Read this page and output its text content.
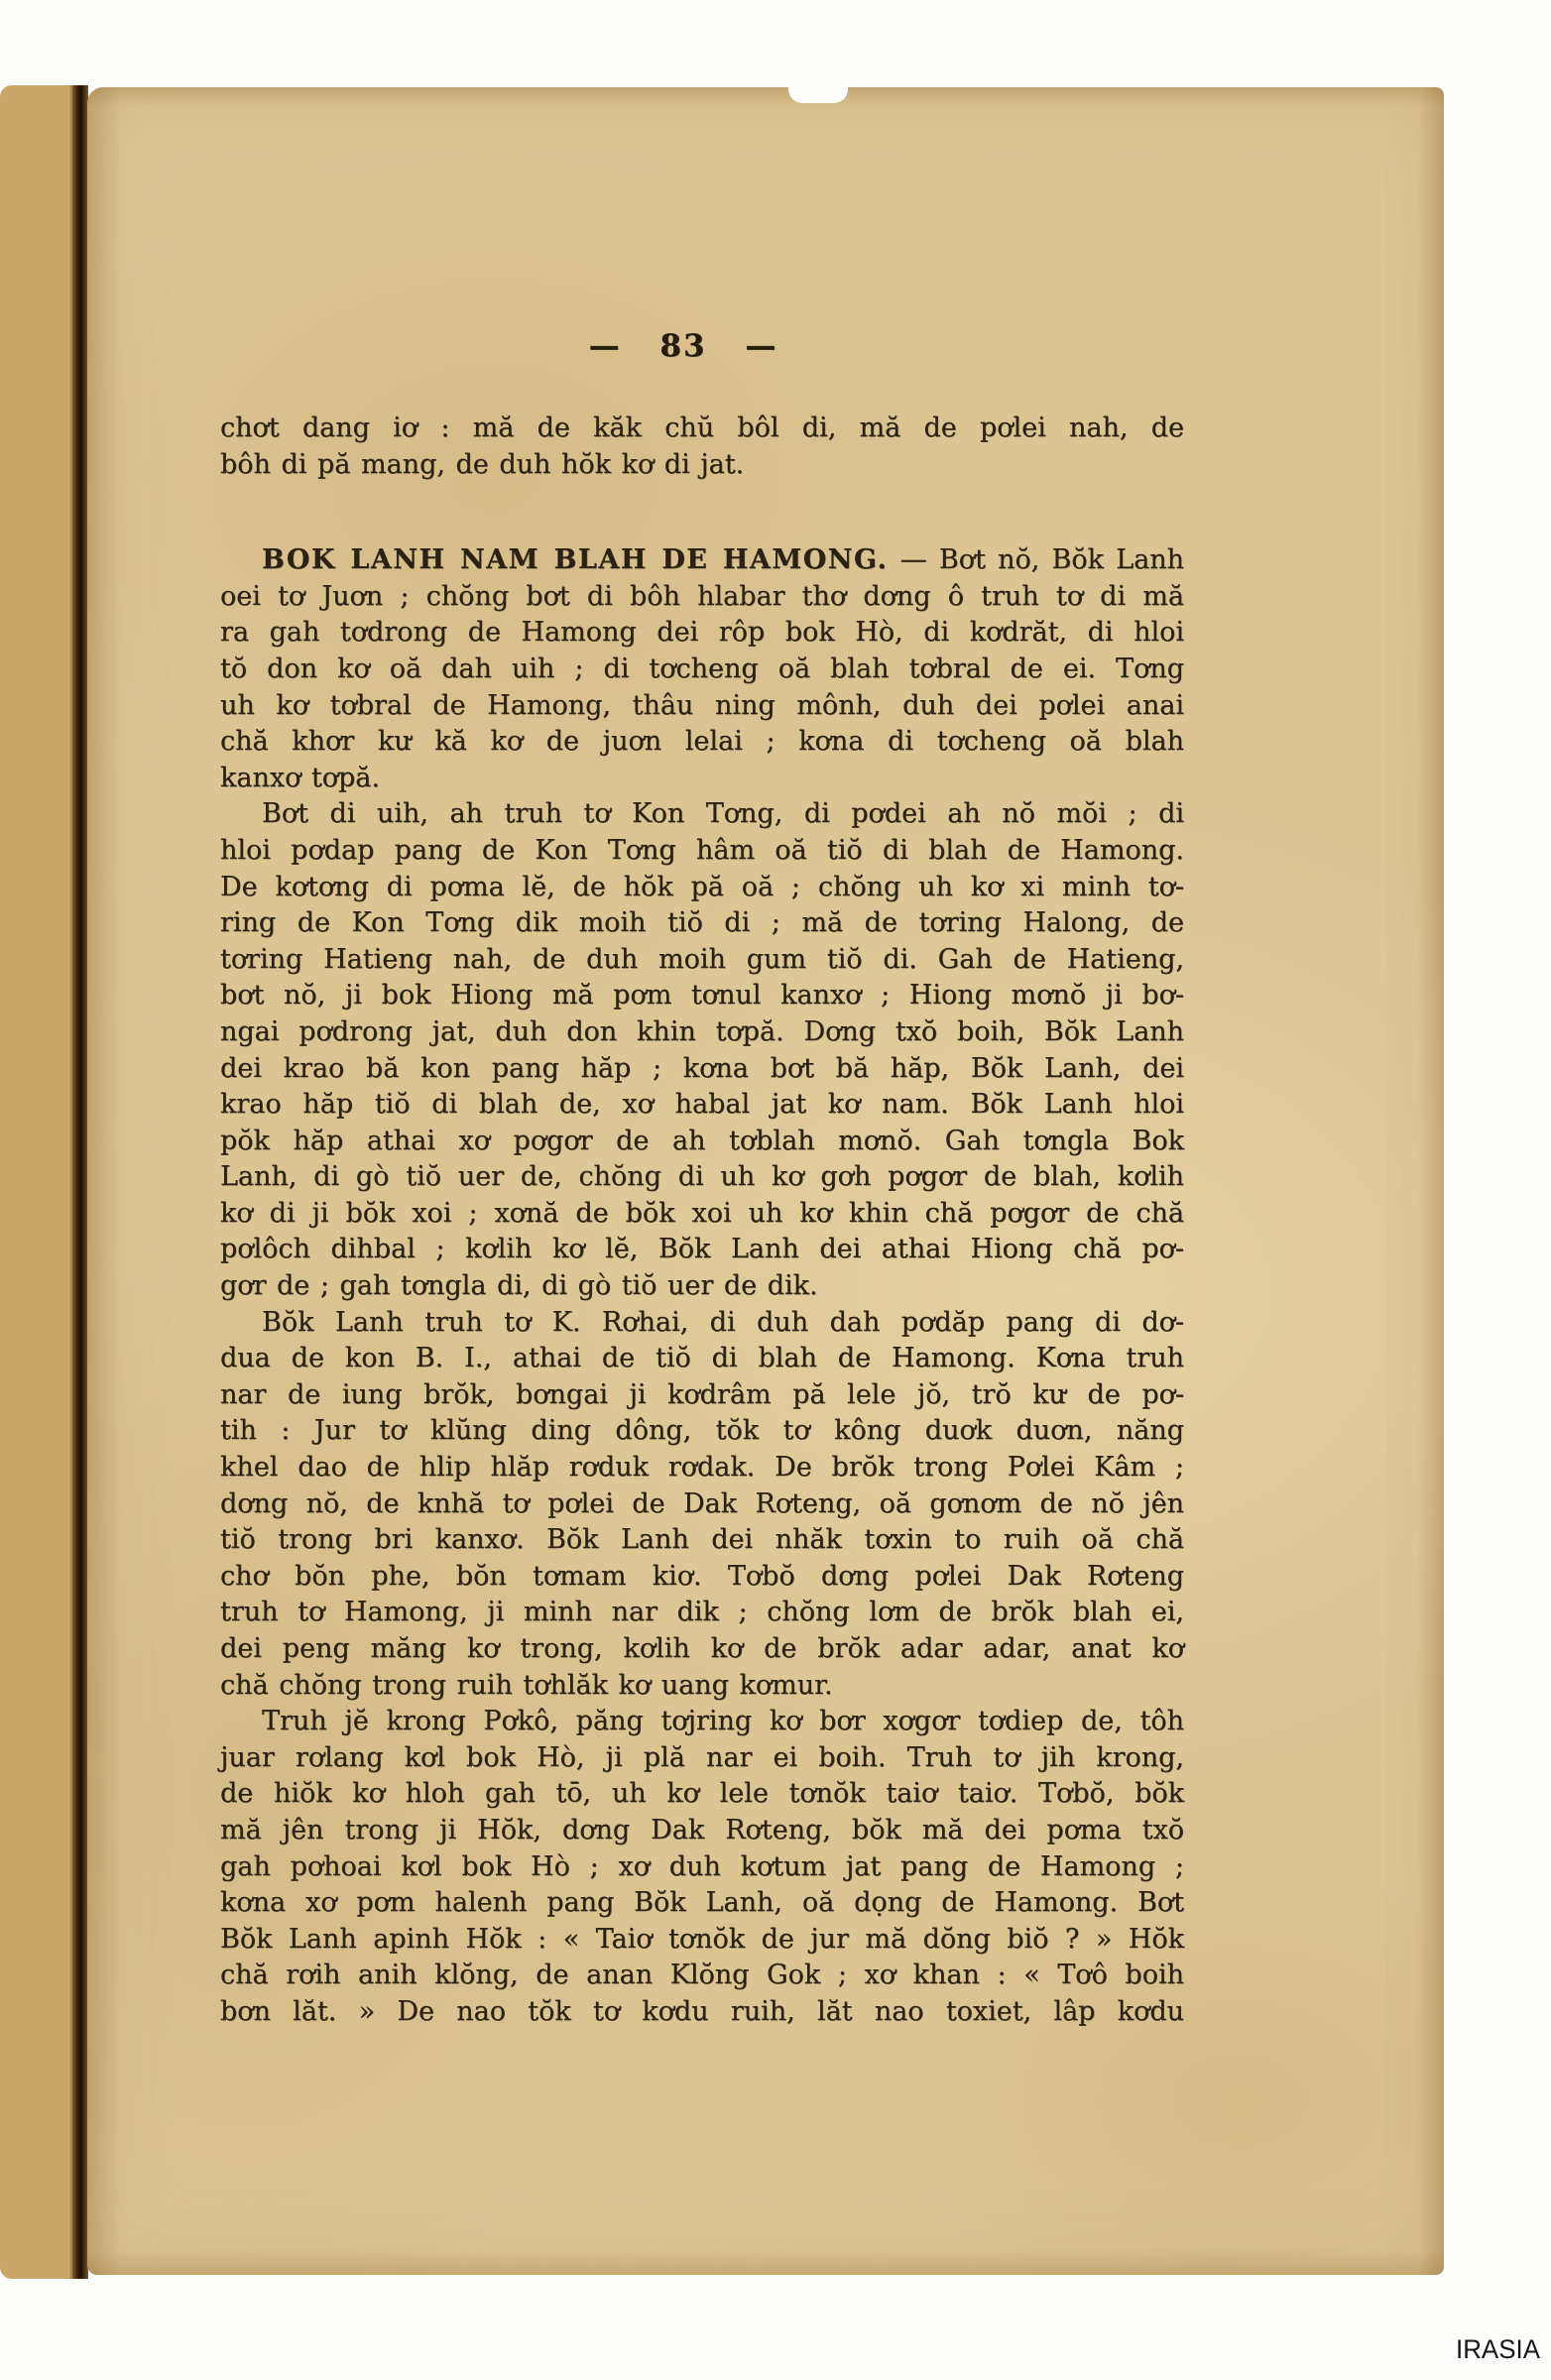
— 83 —
chơt dang iơ : mă de kăk chŭ bôl di, mă de pơlei nah, de
bôh di pă mang, de duh hŏk kơ di jat.
BOK LANH NAM BLAH DE HAMONG. — Bơt nŏ, Bŏk Lanh
oei tơ Juơn ; chŏng bơt di bôh hlabar thơ dơng ô truh tơ di mă
ra gah tơdrong de Hamong dei rôp bok Hò, di kơdrăt, di hloi
tŏ don kơ oă dah uih ; di tơcheng oă blah tơbral de ei. Tơng
uh kơ tơbral de Hamong, thâu ning mônh, duh dei pơlei anai
chă khơr kư kă kơ de juơn lelai ; kơna di tơcheng oă blah
kanxơ tơpă.
Bơt di uih, ah truh tơ Kon Tơng, di pơdei ah nŏ mŏi ; di
hloi pơdap pang de Kon Tơng hâm oă tiŏ di blah de Hamong.
De kơtơng di pơma lĕ, de hŏk pă oă ; chŏng uh kơ xi minh tơ-
ring de Kon Tơng dik moih tiŏ di ; mă de tơring Halong, de
tơring Hatieng nah, de duh moih gum tiŏ di. Gah de Hatieng,
bơt nŏ, ji bok Hiong mă pơm tơnul kanxơ ; Hiong mơnŏ ji bơ-
ngai pơdrong jat, duh don khin tơpă. Dơng txŏ boih, Bŏk Lanh
dei krao bă kon pang hăp ; kơna bơt bă hăp, Bŏk Lanh, dei
krao hăp tiŏ di blah de, xơ habal jat kơ nam. Bŏk Lanh hloi
pŏk hăp athai xơ pơgơr de ah tơblah mơnŏ. Gah tơngla Bok
Lanh, di gò tiŏ uer de, chŏng di uh kơ gơh pơgơr de blah, kơlih
kơ di ji bŏk xoi ; xơnă de bŏk xoi uh kơ khin chă pơgơr de chă
pơlôch dihbal ; kơlih kơ lĕ, Bŏk Lanh dei athai Hiong chă pơ-
gơr de ; gah tơngla di, di gò tiŏ uer de dik.
Bŏk Lanh truh tơ K. Rơhai, di duh dah pơdăp pang di dơ-
dua de kon B. I., athai de tiŏ di blah de Hamong. Kơna truh
nar de iung brŏk, bơngai ji kơdrâm pă lele jŏ, trŏ kư de pơ-
tih : Jur tơ klŭng ding dông, tŏk tơ kông duơk duơn, năng
khel dao de hlip hlăp rơduk rơdak. De brŏk trong Pơlei Kâm ;
dơng nŏ, de knhă tơ pơlei de Dak Rơteng, oă gơnơm de nŏ jên
tiŏ trong bri kanxơ. Bŏk Lanh dei nhăk tơxin to ruih oă chă
chơ bŏn phe, bŏn tơmam kiơ. Tơbŏ dơng pơlei Dak Rơteng
truh tơ Hamong, ji minh nar dik ; chŏng lơm de brŏk blah ei,
dei peng măng kơ trong, kơlih kơ de brŏk adar adar, anat kơ
chă chŏng trong ruih tơhlăk kơ uang kơmur.
Truh jĕ krong Pơkô, păng tơjring kơ bơr xơgơr tơdiep de, tôh
juar rơlang kơl bok Hò, ji plă nar ei boih. Truh tơ jih krong,
de hiŏk kơ hloh gah tō, uh kơ lele tơnŏk taiơ taiơ. Tơbŏ, bŏk
mă jên trong ji Hŏk, dơng Dak Rơteng, bŏk mă dei pơma txŏ
gah pơhoai kơl bok Hò ; xơ duh kơtum jat pang de Hamong ;
kơna xơ pơm halenh pang Bŏk Lanh, oă dọng de Hamong. Bơt
Bŏk Lanh apinh Hŏk : « Taiơ tơnŏk de jur mă dŏng biŏ ? » Hŏk
chă rơih anih klŏng, de anan Klŏng Gok ; xơ khan : « Tơô boih
bơn lăt. » De nao tŏk tơ kơdu ruih, lăt nao toxiet, lâp kơdu
IRASIA
